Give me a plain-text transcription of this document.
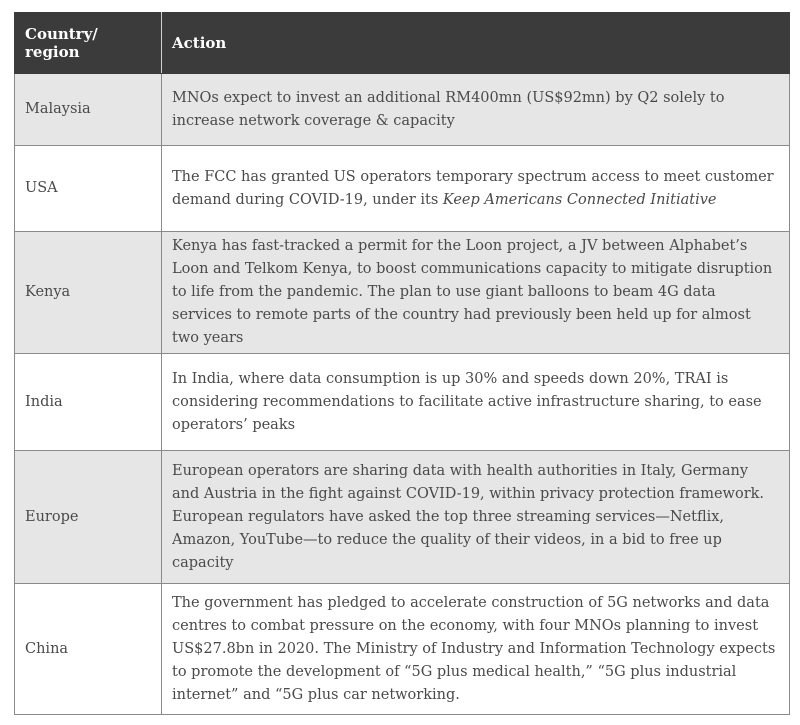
Country/ region	Action
Malaysia	MNOs expect to invest an additional RM400mn (US$92mn) by Q2 solely to increase network coverage & capacity
USA	The FCC has granted US operators temporary spectrum access to meet customer demand during COVID-19, under its Keep Americans Connected Initiative
Kenya	Kenya has fast-tracked a permit for the Loon project, a JV between Alphabet’s Loon and Telkom Kenya, to boost communications capacity to mitigate disruption to life from the pandemic. The plan to use giant balloons to beam 4G data services to remote parts of the country had previously been held up for almost two years
India	In India, where data consumption is up 30% and speeds down 20%, TRAI is considering recommendations to facilitate active infrastructure sharing, to ease operators’ peaks
Europe	European operators are sharing data with health authorities in Italy, Germany and Austria in the fight against COVID-19, within privacy protection framework. European regulators have asked the top three streaming services—Netflix, Amazon, YouTube—to reduce the quality of their videos, in a bid to free up capacity
China	The government has pledged to accelerate construction of 5G networks and data centres to combat pressure on the economy, with four MNOs planning to invest US$27.8bn in 2020. The Ministry of Industry and Information Technology expects to promote the development of “5G plus medical health,” “5G plus industrial internet” and “5G plus car networking.
